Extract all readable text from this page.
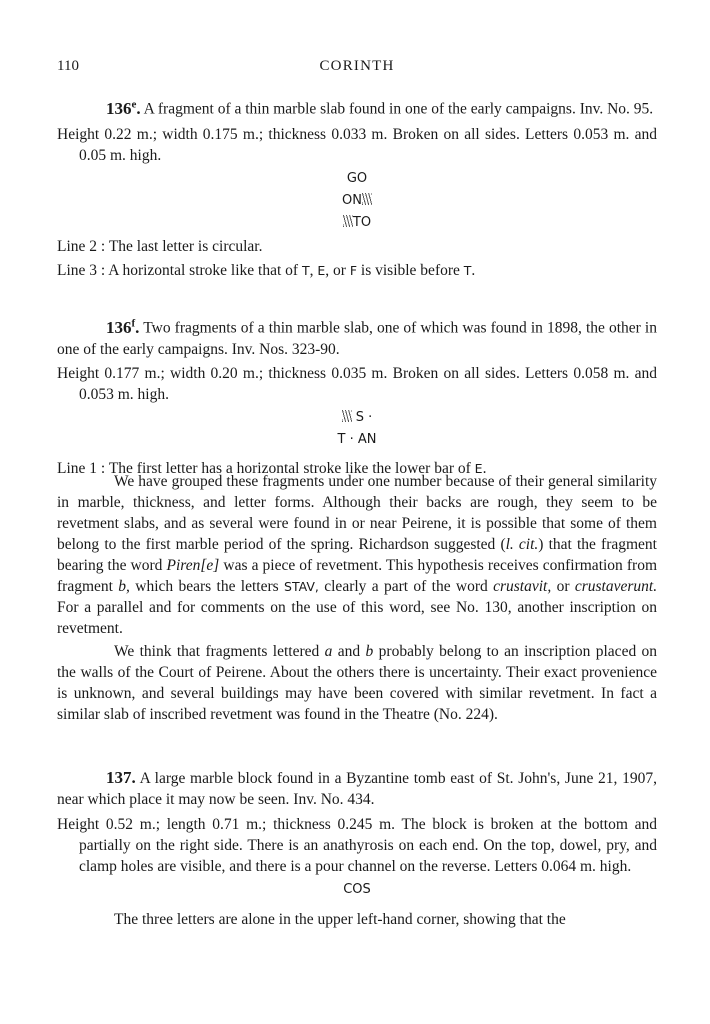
110	CORINTH

136e. A fragment of a thin marble slab found in one of the early campaigns. Inv. No. 95.

Height 0.22 m.; width 0.175 m.; thickness 0.033 m. Broken on all sides. Letters 0.053 m. and 0.05 m. high.

GO
ON
TO

Line 2 : The last letter is circular.

Line 3 : A horizontal stroke like that of T, E, or F is visible before T.

136$^f$. Two fragments of a thin marble slab, one of which was found in 1898, the other in one of the early campaigns. Inv. Nos. 323-90.

Height 0.177 m.; width 0.20 m.; thickness 0.035 m. Broken on all sides. Letters 0.058 m. and 0.053 m. high.

S ·
T · AN

Line 1 : The first letter has a horizontal stroke like the lower bar of E.

We have grouped these fragments under one number because of their general similarity in marble, thickness, and letter forms. Although their backs are rough, they seem to be revetment slabs, and as several were found in or near Peirene, it is possible that some of them belong to the first marble period of the spring. Richardson suggested (l. cit.) that the fragment bearing the word Piren[e] was a piece of revetment. This hypothesis receives confirmation from fragment b, which bears the letters STAV, clearly a part of the word crustavit, or crustaverunt. For a parallel and for comments on the use of this word, see No. 130, another inscription on revetment.

We think that fragments lettered a and b probably belong to an inscription placed on the walls of the Court of Peirene. About the others there is uncertainty. Their exact provenience is unknown, and several buildings may have been covered with similar revetment. In fact a similar slab of inscribed revetment was found in the Theatre (No. 224).

137. A large marble block found in a Byzantine tomb east of St. John's, June 21, 1907, near which place it may now be seen. Inv. No. 434.

Height 0.52 m.; length 0.71 m.; thickness 0.245 m. The block is broken at the bottom and partially on the right side. There is an anathyrosis on each end. On the top, dowel, pry, and clamp holes are visible, and there is a pour channel on the reverse. Letters 0.064 m. high.

COS

The three letters are alone in the upper left-hand corner, showing that the
